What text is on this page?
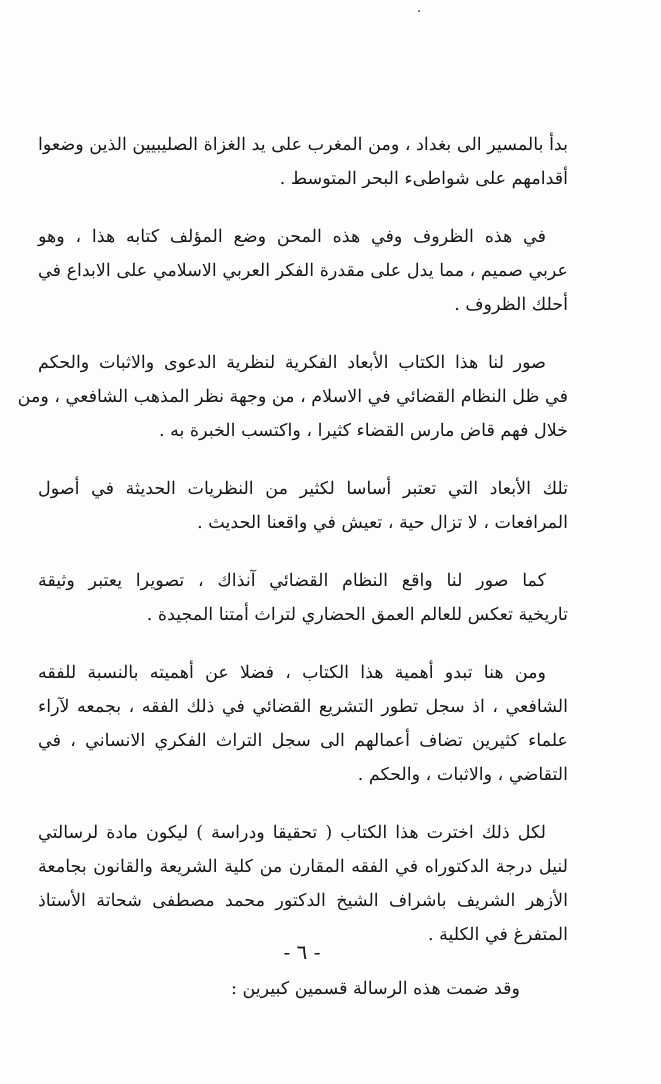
بدأ بالمسير الى بغداد ، ومن المغرب على يد الغزاة الصليبيين الذين وضعوا
أقدامهم على شواطىء البحر المتوسط .
في هذه الظروف وفي هذه المحن وضع المؤلف كتابه هذا ، وهو
عربي صميم ، مما يدل على مقدرة الفكر العربي الاسلامي على الابداع في
أحلك الظروف .
صور لنا هذا الكتاب الأبعاد الفكرية لنظرية الدعوى والاثبات والحكم
في ظل النظام القضائي في الاسلام ، من وجهة نظر المذهب الشافعي ، ومن
خلال فهم قاض مارس القضاء كثيرا ، واكتسب الخبرة به .
تلك الأبعاد التي تعتبر أساسا لكثير من النظريات الحديثة في أصول
المرافعات ، لا تزال حية ، تعيش في واقعنا الحديث .
كما صور لنا واقع النظام القضائي آنذاك ، تصويرا يعتبر وثيقة
تاريخية تعكس للعالم العمق الحضاري لتراث أمتنا المجيدة .
ومن هنا تبدو أهمية هذا الكتاب ، فضلا عن أهميته بالنسبة للفقه
الشافعي ، اذ سجل تطور التشريع القضائي في ذلك الفقه ، بجمعه لآراء
علماء كثيرين تضاف أعمالهم الى سجل التراث الفكري الانساني ، في
التقاضي ، والاثبات ، والحكم .
لكل ذلك اخترت هذا الكتاب ( تحقيقا ودراسة ) ليكون مادة لرسالتي
لنيل درجة الدكتوراه في الفقه المقارن من كلية الشريعة والقانون بجامعة
الأزهر الشريف باشراف الشيخ الدكتور محمد مصطفى شحاتة الأستاذ
المتفرغ في الكلية .
وقد ضمت هذه الرسالة قسمين كبيرين :
- ٦ -
